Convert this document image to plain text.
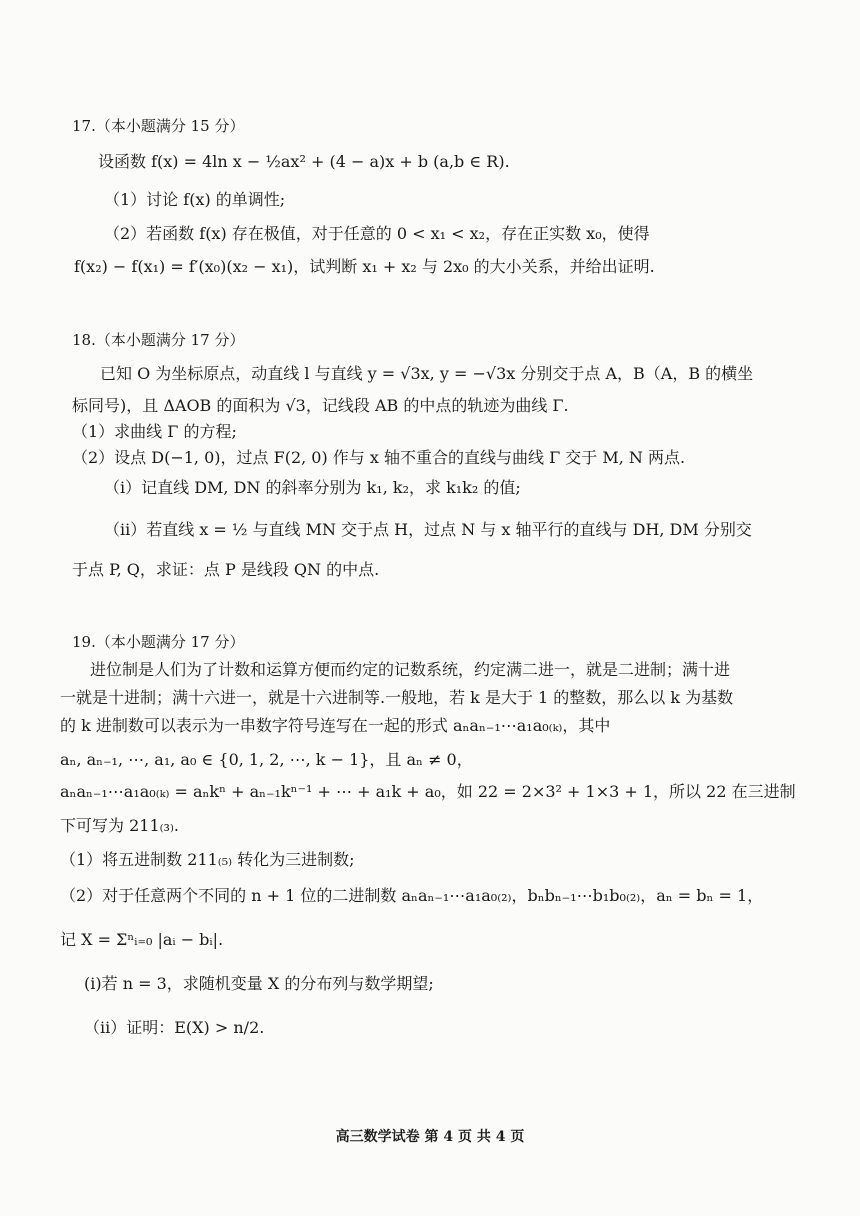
17.（本小题满分 15 分）
设函数 f(x) = 4ln x − ½ax² + (4 − a)x + b (a,b ∈ R).
（1）讨论 f(x) 的单调性;
（2）若函数 f(x) 存在极值，对于任意的 0 < x₁ < x₂，存在正实数 x₀，使得
f(x₂) − f(x₁) = f′(x₀)(x₂ − x₁)，试判断 x₁ + x₂ 与 2x₀ 的大小关系，并给出证明.
18.（本小题满分 17 分）
已知 O 为坐标原点，动直线 l 与直线 y = √3x, y = −√3x 分别交于点 A，B（A，B 的横坐
标同号)，且 ΔAOB 的面积为 √3，记线段 AB 的中点的轨迹为曲线 Γ.
（1）求曲线 Γ 的方程;
（2）设点 D(−1, 0)，过点 F(2, 0) 作与 x 轴不重合的直线与曲线 Γ 交于 M, N 两点.
（i）记直线 DM, DN 的斜率分别为 k₁, k₂，求 k₁k₂ 的值;
（ii）若直线 x = ½ 与直线 MN 交于点 H，过点 N 与 x 轴平行的直线与 DH, DM 分别交
于点 P, Q，求证：点 P 是线段 QN 的中点.
19.（本小题满分 17 分）
进位制是人们为了计数和运算方便而约定的记数系统，约定满二进一，就是二进制；满十进
一就是十进制；满十六进一，就是十六进制等.一般地，若 k 是大于 1 的整数，那么以 k 为基数
的 k 进制数可以表示为一串数字符号连写在一起的形式 aₙaₙ₋₁⋯a₁a₀₍ₖ₎，其中
aₙ, aₙ₋₁, ⋯, a₁, a₀ ∈ {0, 1, 2, ⋯, k − 1}，且 aₙ ≠ 0，
aₙaₙ₋₁⋯a₁a₀₍ₖ₎ = aₙkⁿ + aₙ₋₁kⁿ⁻¹ + ⋯ + a₁k + a₀，如 22 = 2×3² + 1×3 + 1，所以 22 在三进制
下可写为 211₍₃₎.
（1）将五进制数 211₍₅₎ 转化为三进制数;
（2）对于任意两个不同的 n + 1 位的二进制数 aₙaₙ₋₁⋯a₁a₀₍₂₎，bₙbₙ₋₁⋯b₁b₀₍₂₎，aₙ = bₙ = 1，
记 X = Σⁿᵢ₌₀ |aᵢ − bᵢ|.
(i)若 n = 3，求随机变量 X 的分布列与数学期望;
（ii）证明：E(X) > n/2.
高三数学试卷 第 4 页 共 4 页
